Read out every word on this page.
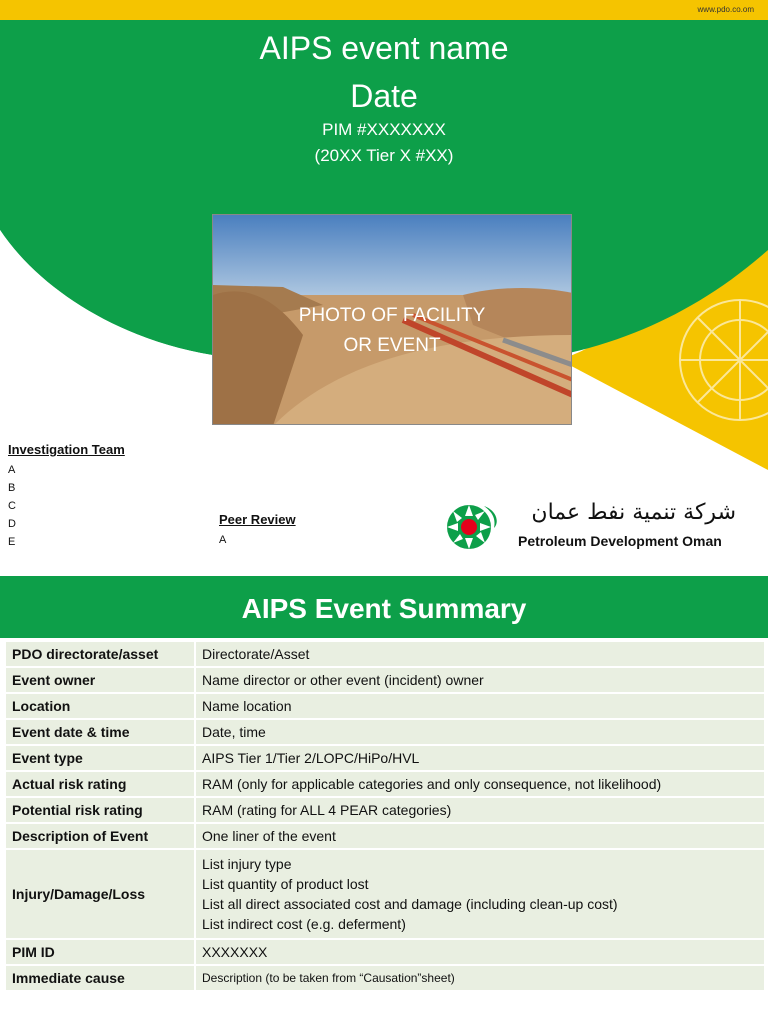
www.pdo.co.om
AIPS event name
Date
PIM #XXXXXXX
(20XX Tier X #XX)
PHOTO OF FACILITY
OR EVENT
Investigation Team
A
B
C
D
E
Peer Review
A
شركة تنمية نفط عمان
Petroleum Development Oman
AIPS Event Summary
PDO directorate/asset	Directorate/Asset
Event owner	Name director or other event (incident) owner
Location	Name location
Event date & time	Date, time
Event type	AIPS Tier 1/Tier 2/LOPC/HiPo/HVL
Actual risk rating	RAM (only for applicable categories and only consequence, not likelihood)
Potential risk rating	RAM (rating for ALL 4 PEAR categories)
Description of Event	One liner of the event
Injury/Damage/Loss	List injury type
List quantity of product lost
List all direct associated cost and damage (including clean-up cost)
List indirect cost (e.g. deferment)

PIM ID	XXXXXXX
Immediate cause	Description (to be taken from “Causation”sheet)
